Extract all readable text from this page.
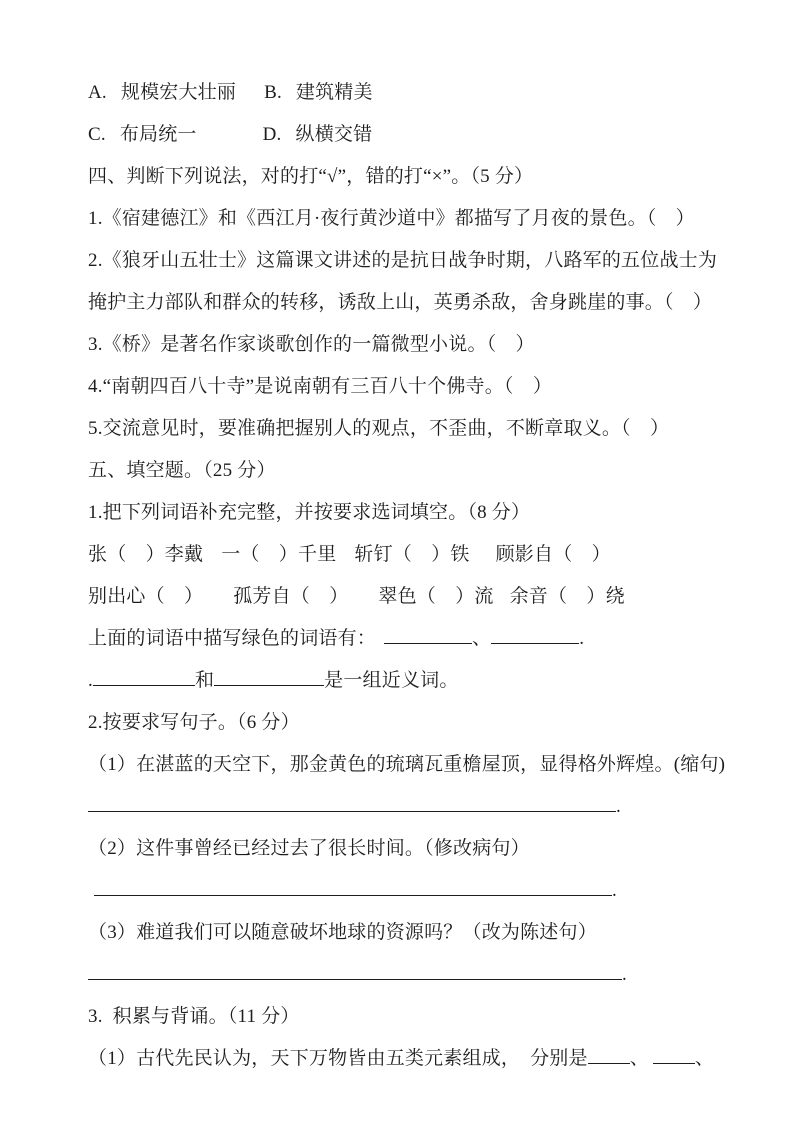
A. 规模宏大壮丽 B. 建筑精美
C. 布局统一	D. 纵横交错
四、判断下列说法，对的打“√”，错的打“×”。（5 分）
1.《宿建德江》和《西江月·夜行黄沙道中》都描写了月夜的景色。（　）
2.《狼牙山五壮士》这篇课文讲述的是抗日战争时期，八路军的五位战士为
掩护主力部队和群众的转移，诱敌上山，英勇杀敌，舍身跳崖的事。（　）
3.《桥》是著名作家谈歌创作的一篇微型小说。（　）
4.“南朝四百八十寺”是说南朝有三百八十个佛寺。（　）
5.交流意见时，要准确把握别人的观点，不歪曲，不断章取义。（　）
五、填空题。（25 分）
1.把下列词语补充完整，并按要求选词填空。（8 分）
张（　）李戴 一（　）千里 斩钉（　）铁 顾影自（　）
别出心（　） 孤芳自（　） 翠色（　）流 余音（　）绕
上面的词语中描写绿色的词语有：	、	.
.	和	是一组近义词。
2.按要求写句子。（6 分）
（1）在湛蓝的天空下，那金黄色的琉璃瓦重檐屋顶，显得格外辉煌。(缩句)
.
（2）这件事曾经已经过去了很长时间。（修改病句）
.
（3）难道我们可以随意破坏地球的资源吗？（改为陈述句）
.
3. 积累与背诵。（11 分）
（1）古代先民认为，天下万物皆由五类元素组成， 分别是 、 、
